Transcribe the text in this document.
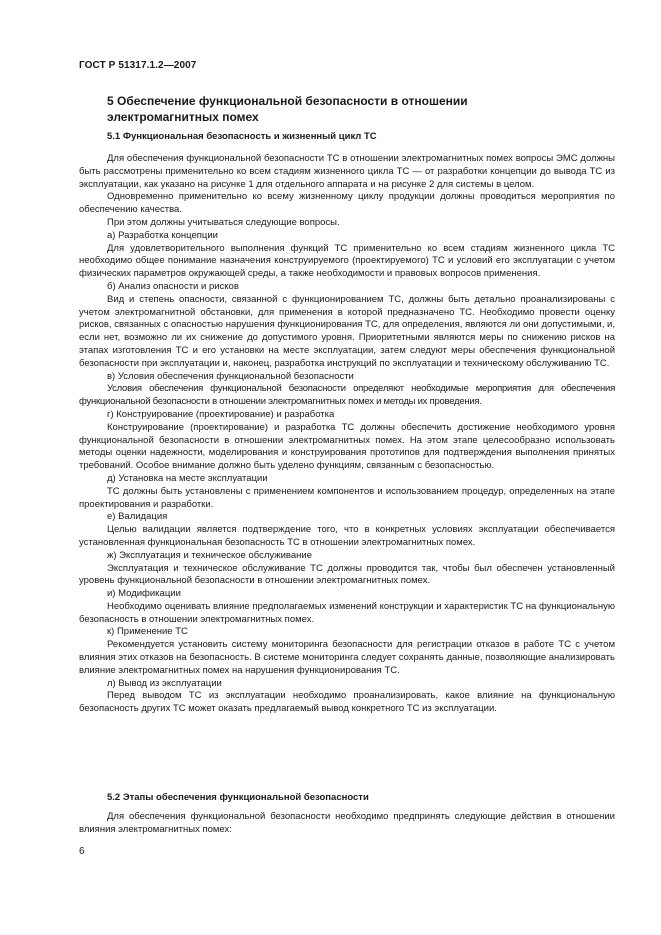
ГОСТ Р 51317.1.2—2007
5 Обеспечение функциональной безопасности в отношении электромагнитных помех
5.1 Функциональная безопасность и жизненный цикл ТС

Для обеспечения функциональной безопасности ТС в отношении электромагнитных помех вопросы ЭМС должны быть рассмотрены применительно ко всем стадиям жизненного цикла ТС — от разработки концепции до вывода ТС из эксплуатации, как указано на рисунке 1 для отдельного аппарата и на рисунке 2 для системы в целом.

Одновременно применительно ко всему жизненному циклу продукции должны проводиться мероприятия по обеспечению качества.

При этом должны учитываться следующие вопросы.

а) Разработка концепции

Для удовлетворительного выполнения функций ТС применительно ко всем стадиям жизненного цикла ТС необходимо общее понимание назначения конструируемого (проектируемого) ТС и условий его эксплуатации с учетом физических параметров окружающей среды, а также необходимости и правовых вопросов применения.

б) Анализ опасности и рисков

Вид и степень опасности, связанной с функционированием ТС, должны быть детально проанализированы с учетом электромагнитной обстановки, для применения в которой предназначено ТС. Необходимо провести оценку рисков, связанных с опасностью нарушения функционирования ТС, для определения, являются ли они допустимыми, и, если нет, возможно ли их снижение до допустимого уровня. Приоритетными являются меры по снижению рисков на этапах изготовления ТС и его установки на месте эксплуатации, затем следуют меры обеспечения функциональной безопасности при эксплуатации и, наконец, разработка инструкций по эксплуатации и техническому обслуживанию ТС.

в) Условия обеспечения функциональной безопасности

Условия обеспечения функциональной безопасности определяют необходимые мероприятия для обеспечения функциональной безопасности в отношении электромагнитных помех и методы их проведения.

г) Конструирование (проектирование) и разработка

Конструирование (проектирование) и разработка ТС должны обеспечить достижение необходимого уровня функциональной безопасности в отношении электромагнитных помех. На этом этапе целесообразно использовать методы оценки надежности, моделирования и конструирования прототипов для подтверждения выполнения принятых требований. Особое внимание должно быть уделено функциям, связанным с безопасностью.

д) Установка на месте эксплуатации

ТС должны быть установлены с применением компонентов и использованием процедур, определенных на этапе проектирования и разработки.

е) Валидация

Целью валидации является подтверждение того, что в конкретных условиях эксплуатации обеспечивается установленная функциональная безопасность ТС в отношении электромагнитных помех.

ж) Эксплуатация и техническое обслуживание

Эксплуатация и техническое обслуживание ТС должны проводится так, чтобы был обеспечен установленный уровень функциональной безопасности в отношении электромагнитных помех.

и) Модификации

Необходимо оценивать влияние предполагаемых изменений конструкции и характеристик ТС на функциональную безопасность в отношении электромагнитных помех.

к) Применение ТС

Рекомендуется установить систему мониторинга безопасности для регистрации отказов в работе ТС с учетом влияния этих отказов на безопасность. В системе мониторинга следует сохранять данные, позволяющие анализировать влияние электромагнитных помех на нарушения функционирования ТС.

л) Вывод из эксплуатации

Перед выводом ТС из эксплуатации необходимо проанализировать, какое влияние на функциональную безопасность других ТС может оказать предлагаемый вывод конкретного ТС из эксплуатации.

5.2 Этапы обеспечения функциональной безопасности

Для обеспечения функциональной безопасности необходимо предпринять следующие действия в отношении влияния электромагнитных помех:

6
